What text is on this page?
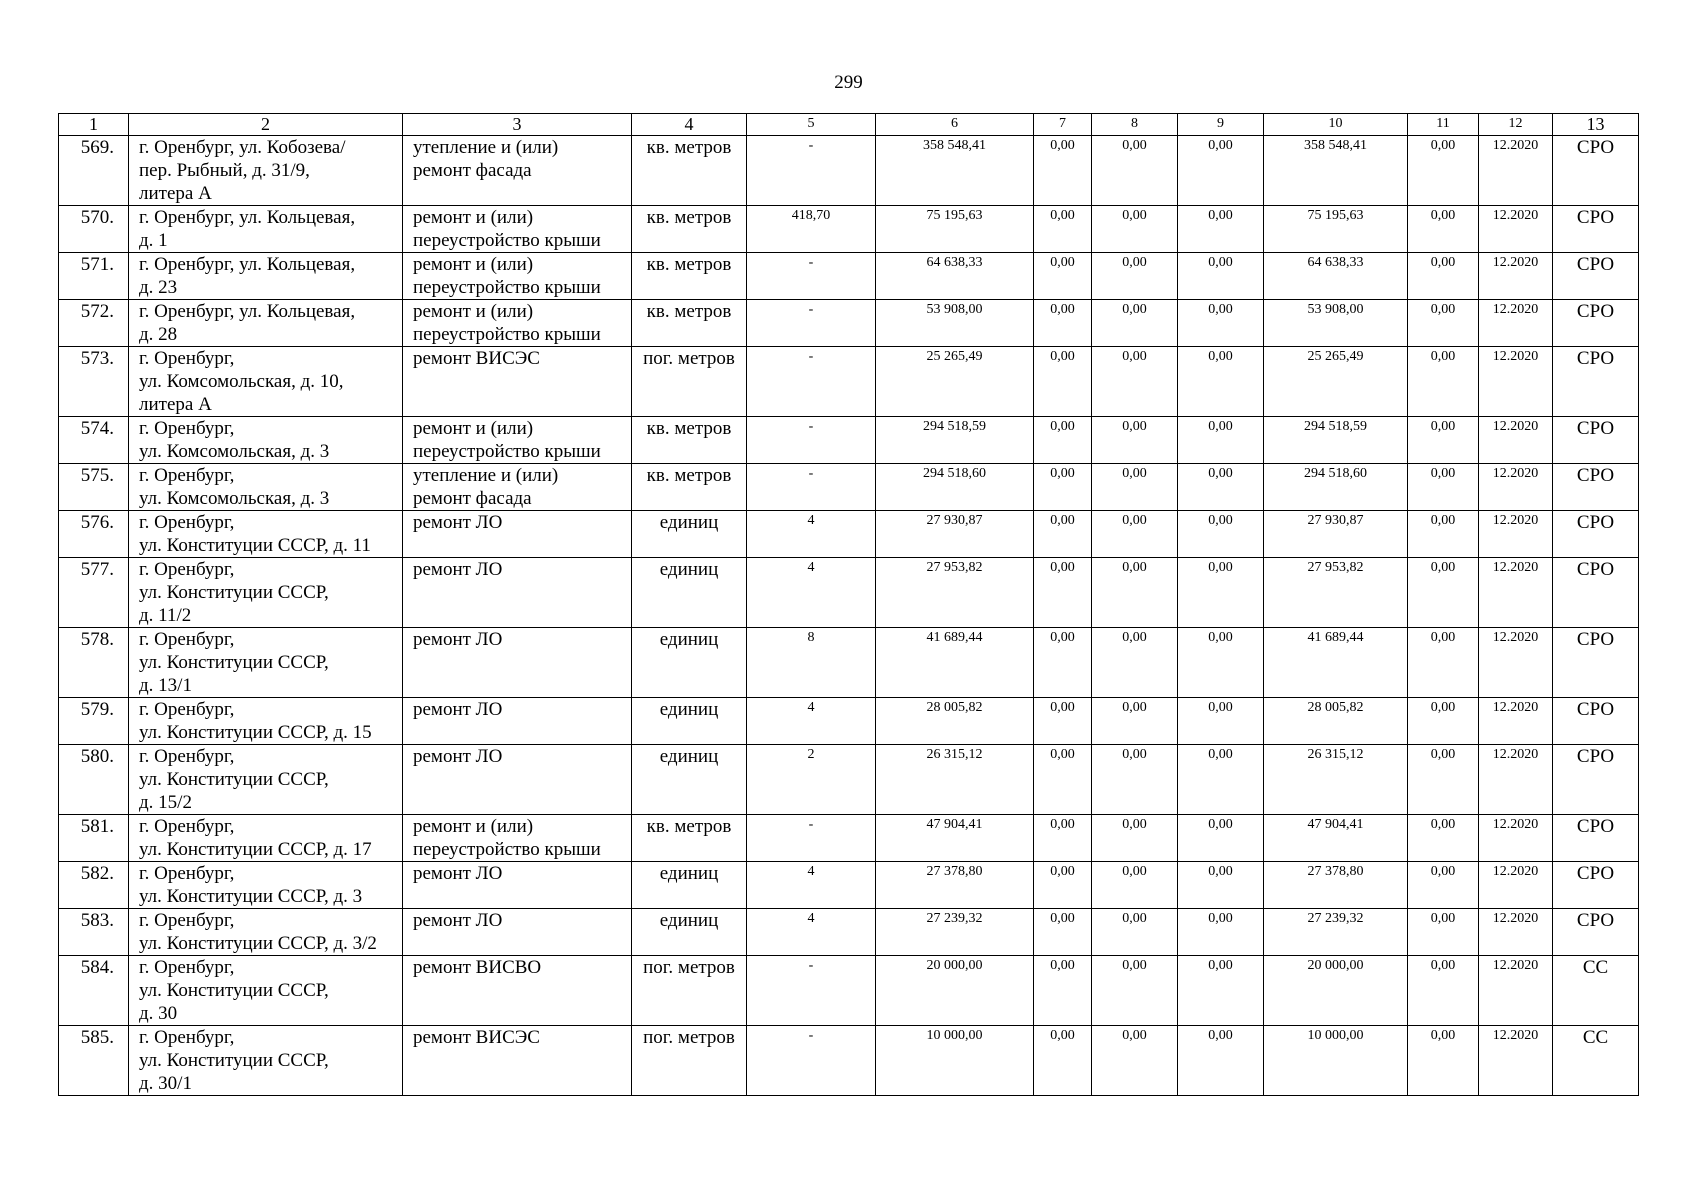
299
1	2	3	4	5	6	7	8	9	10	11	12	13
569.	г. Оренбург, ул. Кобозева/
пер. Рыбный, д. 31/9,
литера А	утепление и (или)
ремонт фасада	кв. метров	-	358 548,41	0,00	0,00	0,00	358 548,41	0,00	12.2020	СРО
570.	г. Оренбург, ул. Кольцевая,
д. 1	ремонт и (или)
переустройство крыши	кв. метров	418,70	75 195,63	0,00	0,00	0,00	75 195,63	0,00	12.2020	СРО
571.	г. Оренбург, ул. Кольцевая,
д. 23	ремонт и (или)
переустройство крыши	кв. метров	-	64 638,33	0,00	0,00	0,00	64 638,33	0,00	12.2020	СРО
572.	г. Оренбург, ул. Кольцевая,
д. 28	ремонт и (или)
переустройство крыши	кв. метров	-	53 908,00	0,00	0,00	0,00	53 908,00	0,00	12.2020	СРО
573.	г. Оренбург,
ул. Комсомольская, д. 10,
литера А	ремонт ВИСЭС	пог. метров	-	25 265,49	0,00	0,00	0,00	25 265,49	0,00	12.2020	СРО
574.	г. Оренбург,
ул. Комсомольская, д. 3	ремонт и (или)
переустройство крыши	кв. метров	-	294 518,59	0,00	0,00	0,00	294 518,59	0,00	12.2020	СРО
575.	г. Оренбург,
ул. Комсомольская, д. 3	утепление и (или)
ремонт фасада	кв. метров	-	294 518,60	0,00	0,00	0,00	294 518,60	0,00	12.2020	СРО
576.	г. Оренбург,
ул. Конституции СССР, д. 11	ремонт ЛО	единиц	4	27 930,87	0,00	0,00	0,00	27 930,87	0,00	12.2020	СРО
577.	г. Оренбург,
ул. Конституции СССР,
д. 11/2	ремонт ЛО	единиц	4	27 953,82	0,00	0,00	0,00	27 953,82	0,00	12.2020	СРО
578.	г. Оренбург,
ул. Конституции СССР,
д. 13/1	ремонт ЛО	единиц	8	41 689,44	0,00	0,00	0,00	41 689,44	0,00	12.2020	СРО
579.	г. Оренбург,
ул. Конституции СССР, д. 15	ремонт ЛО	единиц	4	28 005,82	0,00	0,00	0,00	28 005,82	0,00	12.2020	СРО
580.	г. Оренбург,
ул. Конституции СССР,
д. 15/2	ремонт ЛО	единиц	2	26 315,12	0,00	0,00	0,00	26 315,12	0,00	12.2020	СРО
581.	г. Оренбург,
ул. Конституции СССР, д. 17	ремонт и (или)
переустройство крыши	кв. метров	-	47 904,41	0,00	0,00	0,00	47 904,41	0,00	12.2020	СРО
582.	г. Оренбург,
ул. Конституции СССР, д. 3	ремонт ЛО	единиц	4	27 378,80	0,00	0,00	0,00	27 378,80	0,00	12.2020	СРО
583.	г. Оренбург,
ул. Конституции СССР, д. 3/2	ремонт ЛО	единиц	4	27 239,32	0,00	0,00	0,00	27 239,32	0,00	12.2020	СРО
584.	г. Оренбург,
ул. Конституции СССР,
д. 30	ремонт ВИСВО	пог. метров	-	20 000,00	0,00	0,00	0,00	20 000,00	0,00	12.2020	СС
585.	г. Оренбург,
ул. Конституции СССР,
д. 30/1	ремонт ВИСЭС	пог. метров	-	10 000,00	0,00	0,00	0,00	10 000,00	0,00	12.2020	СС
